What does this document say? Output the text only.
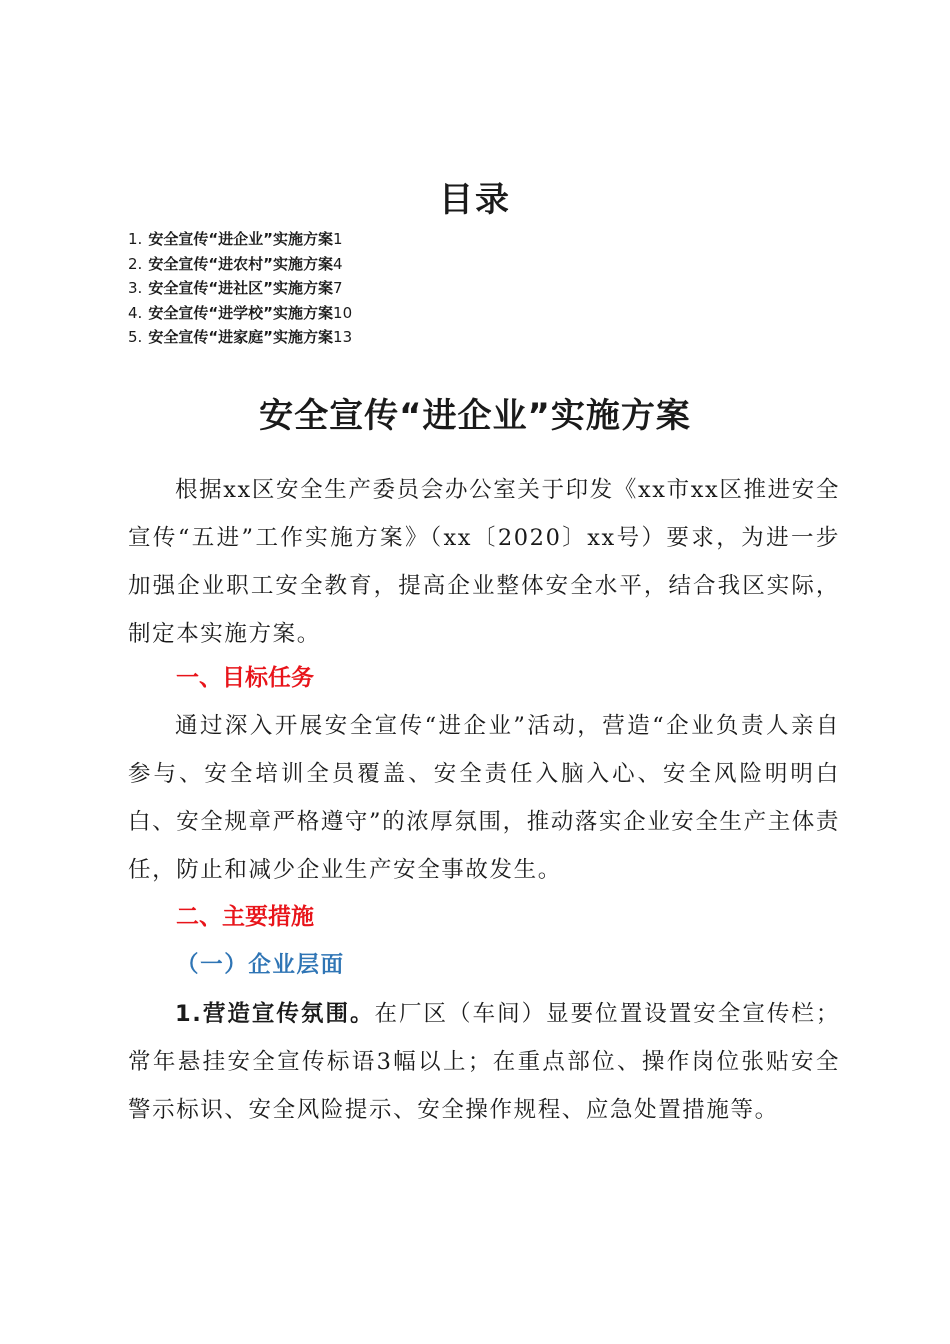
目录
1. 安全宣传“进企业”实施方案1
2. 安全宣传“进农村”实施方案4
3. 安全宣传“进社区”实施方案7
4. 安全宣传“进学校”实施方案10
5. 安全宣传“进家庭”实施方案13
安全宣传“进企业”实施方案

根据xx区安全生产委员会办公室关于印发《xx市xx区推进安全宣传“五进”工作实施方案》（xx〔2020〕xx号）要求，为进一步加强企业职工安全教育，提高企业整体安全水平，结合我区实际，制定本实施方案。

一、目标任务

通过深入开展安全宣传“进企业”活动，营造“企业负责人亲自参与、安全培训全员覆盖、安全责任入脑入心、安全风险明明白白、安全规章严格遵守”的浓厚氛围，推动落实企业安全生产主体责任，防止和减少企业生产安全事故发生。

二、主要措施
（一）企业层面

1.营造宣传氛围。在厂区（车间）显要位置设置安全宣传栏；常年悬挂安全宣传标语3幅以上；在重点部位、操作岗位张贴安全警示标识、安全风险提示、安全操作规程、应急处置措施等。
